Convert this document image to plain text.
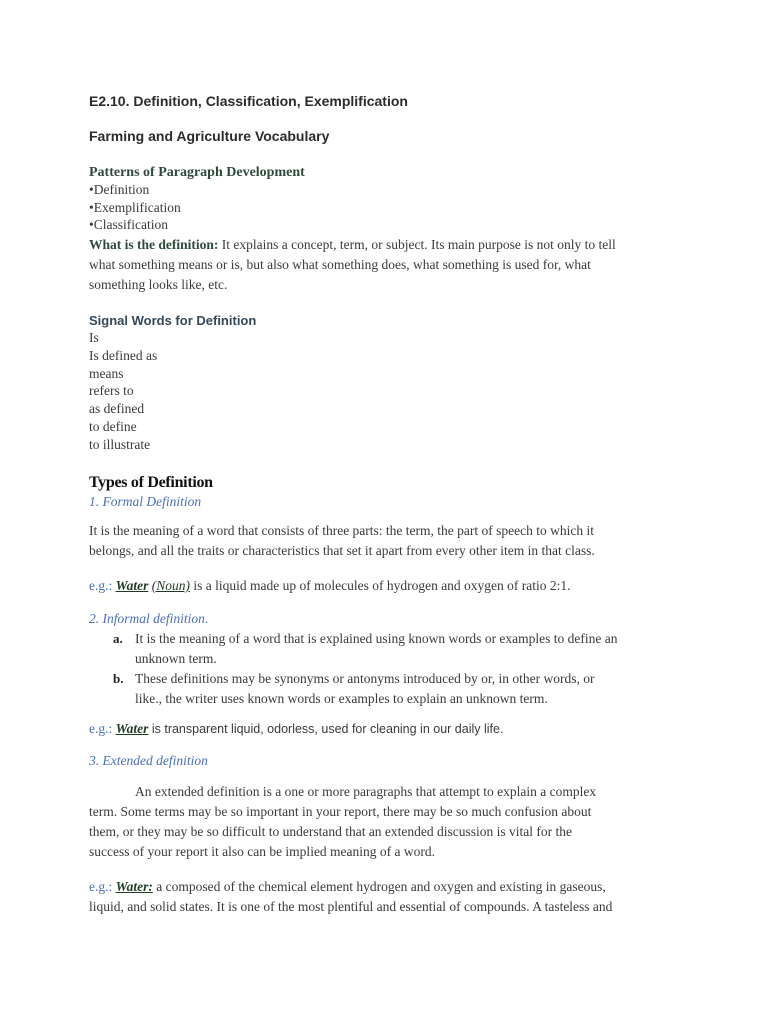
E2.10. Definition, Classification, Exemplification
Farming and Agriculture Vocabulary
Patterns of Paragraph Development
•Definition
•Exemplification
•Classification
What is the definition: It explains a concept, term, or subject. Its main purpose is not only to tell
what something means or is, but also what something does, what something is used for, what
something looks like, etc.
Signal Words for Definition
Is
Is defined as
means
refers to
as defined
to define
to illustrate
Types of Definition
1. Formal Definition
It is the meaning of a word that consists of three parts: the term, the part of speech to which it
belongs, and all the traits or characteristics that set it apart from every other item in that class.
e.g.: Water (Noun) is a liquid made up of molecules of hydrogen and oxygen of ratio 2:1.
2. Informal definition.
a. It is the meaning of a word that is explained using known words or examples to define an
unknown term.
b. These definitions may be synonyms or antonyms introduced by or, in other words, or
like., the writer uses known words or examples to explain an unknown term.
e.g.: Water is transparent liquid, odorless, used for cleaning in our daily life.
3. Extended definition
An extended definition is a one or more paragraphs that attempt to explain a complex
term. Some terms may be so important in your report, there may be so much confusion about
them, or they may be so difficult to understand that an extended discussion is vital for the
success of your report it also can be implied meaning of a word.
e.g.: Water: a composed of the chemical element hydrogen and oxygen and existing in gaseous,
liquid, and solid states. It is one of the most plentiful and essential of compounds. A tasteless and
